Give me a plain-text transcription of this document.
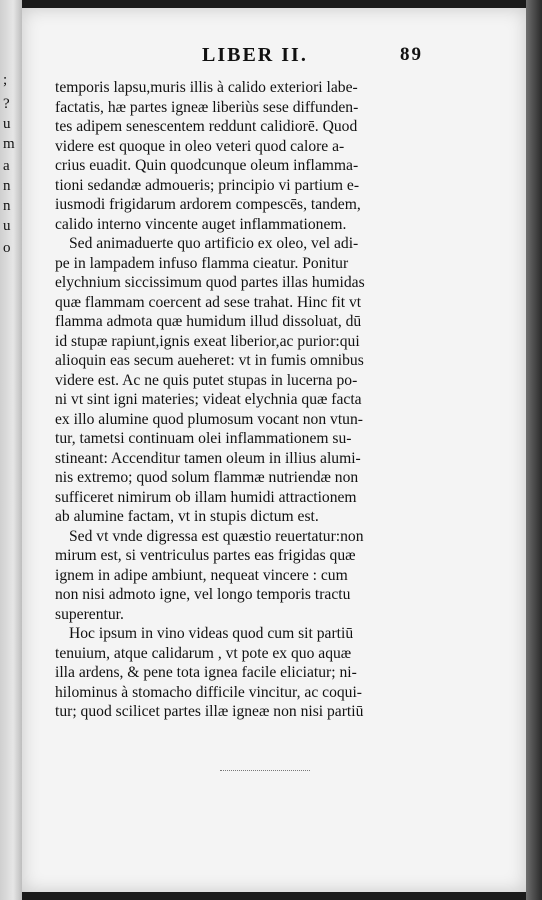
;
?
u
m
a
n
n
u
o
LIBER II.	89
temporis lapsu,muris illis à calido exteriori labe-
factatis, hæ partes igneæ liberiùs sese diffunden-
tes adipem senescentem reddunt calidiorē. Quod
videre est quoque in oleo veteri quod calore a-
crius euadit. Quin quodcunque oleum inflamma-
tioni sedandæ admoueris; principio vi partium e-
iusmodi frigidarum ardorem compescēs, tandem,
calido interno vincente auget inflammationem.
Sed animaduerte quo artificio ex oleo, vel adi-
pe in lampadem infuso flamma cieatur. Ponitur
elychnium siccissimum quod partes illas humidas
quæ flammam coercent ad sese trahat. Hinc fit vt
flamma admota quæ humidum illud dissoluat, dū
id stupæ rapiunt,ignis exeat liberior,ac purior:qui
alioquin eas secum aueheret: vt in fumis omnibus
videre est. Ac ne quis putet stupas in lucerna po-
ni vt sint igni materies; videat elychnia quæ facta
ex illo alumine quod plumosum vocant non vtun-
tur, tametsi continuam olei inflammationem su-
stineant: Accenditur tamen oleum in illius alumi-
nis extremo; quod solum flammæ nutriendæ non
sufficeret nimirum ob illam humidi attractionem
ab alumine factam, vt in stupis dictum est.
Sed vt vnde digressa est quæstio reuertatur:non
mirum est, si ventriculus partes eas frigidas quæ
ignem in adipe ambiunt, nequeat vincere : cum
non nisi admoto igne, vel longo temporis tractu
superentur.
Hoc ipsum in vino videas quod cum sit partiū
tenuium, atque calidarum , vt pote ex quo aquæ
illa ardens, & pene tota ignea facile eliciatur; ni-
hilominus à stomacho difficile vincitur, ac coqui-
tur; quod scilicet partes illæ igneæ non nisi partiū
